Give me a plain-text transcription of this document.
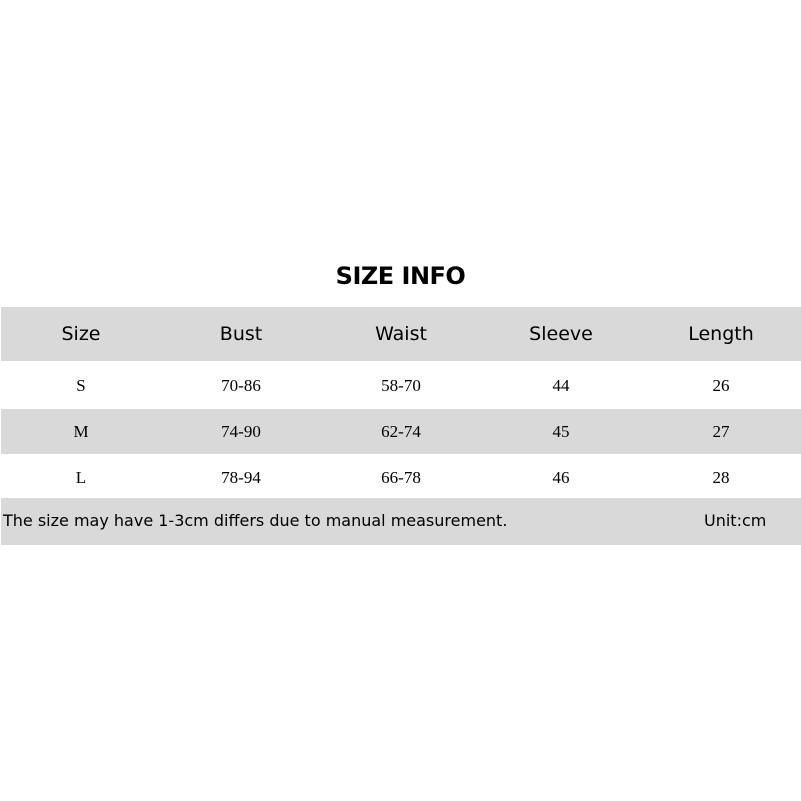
SIZE INFO
Size	Bust	Waist	Sleeve	Length
S	70-86	58-70	44	26
M	74-90	62-74	45	27
L	78-94	66-78	46	28
The size may have 1-3cm differs due to manual measurement.	Unit:cm
